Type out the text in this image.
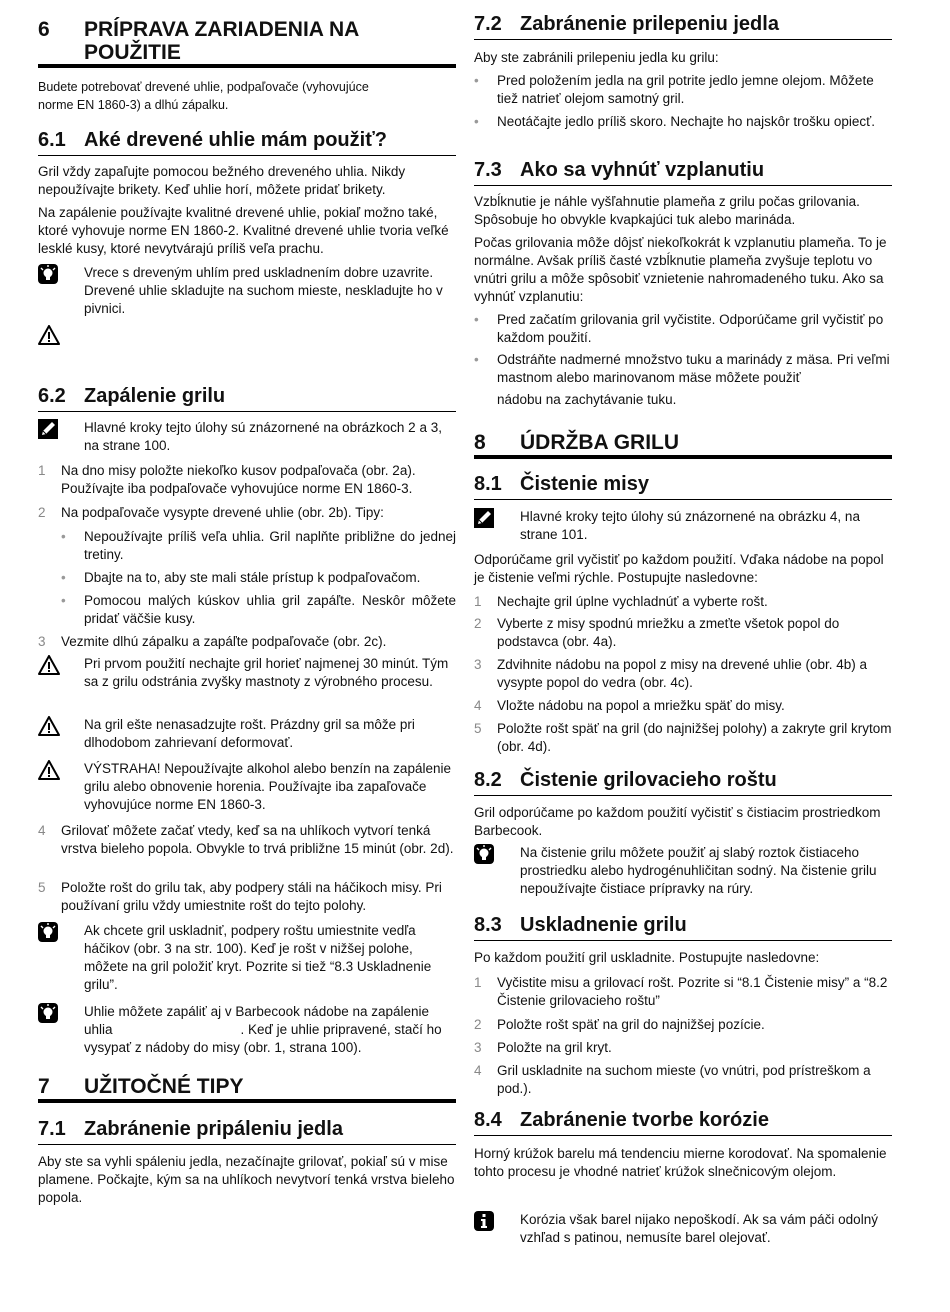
6 PRÍPRAVA ZARIADENIA NA
POUŽITIE
Budete potrebovať drevené uhlie, podpaľovače (vyhovujúce
norme EN 1860-3) a dlhú zápalku.
6.1 Aké drevené uhlie mám použiť?
Gril vždy zapaľujte pomocou bežného dreveného uhlia. Nikdy nepoužívajte brikety. Keď uhlie horí, môžete pridať brikety.
Na zapálenie používajte kvalitné drevené uhlie, pokiaľ možno také, ktoré vyhovuje norme EN 1860-2. Kvalitné drevené uhlie tvoria veľké lesklé kusy, ktoré nevytvárajú príliš veľa prachu.
Vrece s dreveným uhlím pred uskladnením dobre uzavrite. Drevené uhlie skladujte na suchom mieste, neskladujte ho v pivnici.
6.2 Zapálenie grilu
Hlavné kroky tejto úlohy sú znázornené na obrázkoch 2 a 3, na strane 100.
1 Na dno misy položte niekoľko kusov podpaľovača (obr. 2a). Používajte iba podpaľovače vyhovujúce norme EN 1860-3.
2 Na podpaľovače vysypte drevené uhlie (obr. 2b). Tipy:
• Nepoužívajte príliš veľa uhlia. Gril naplňte približne do jednej tretiny.
• Dbajte na to, aby ste mali stále prístup k podpaľovačom.
• Pomocou malých kúskov uhlia gril zapáľte. Neskôr môžete pridať väčšie kusy.
3 Vezmite dlhú zápalku a zapáľte podpaľovače (obr. 2c).
Pri prvom použití nechajte gril horieť najmenej 30 minút. Tým sa z grilu odstránia zvyšky mastnoty z výrobného procesu.
Na gril ešte nenasadzujte rošt. Prázdny gril sa môže pri dlhodobom zahrievaní deformovať.
VÝSTRAHA! Nepoužívajte alkohol alebo benzín na zapálenie grilu alebo obnovenie horenia. Používajte iba zapaľovače vyhovujúce norme EN 1860-3.
4 Grilovať môžete začať vtedy, keď sa na uhlíkoch vytvorí tenká vrstva bieleho popola. Obvykle to trvá približne 15 minút (obr. 2d).
5 Položte rošt do grilu tak, aby podpery stáli na háčikoch misy. Pri používaní grilu vždy umiestnite rošt do tejto polohy.
Ak chcete gril uskladniť, podpery roštu umiestnite vedľa háčikov (obr. 3 na str. 100). Keď je rošt v nižšej polohe, môžete na gril položiť kryt. Pozrite si tiež “8.3 Uskladnenie grilu”.
Uhlie môžete zapáliť aj v Barbecook nádobe na zapálenie
uhlia	. Keď je uhlie pripravené, stačí ho
vysypať z nádoby do misy (obr. 1, strana 100).
7 UŽITOČNÉ TIPY
7.1 Zabránenie pripáleniu jedla
Aby ste sa vyhli spáleniu jedla, nezačínajte grilovať, pokiaľ sú v mise plamene. Počkajte, kým sa na uhlíkoch nevytvorí tenká vrstva bieleho popola.
7.2 Zabránenie prilepeniu jedla
Aby ste zabránili prilepeniu jedla ku grilu:
• Pred položením jedla na gril potrite jedlo jemne olejom. Môžete tiež natrieť olejom samotný gril.
• Neotáčajte jedlo príliš skoro. Nechajte ho najskôr trošku opiecť.
7.3 Ako sa vyhnúť vzplanutiu
Vzbĺknutie je náhle vyšľahnutie plameňa z grilu počas grilovania. Spôsobuje ho obvykle kvapkajúci tuk alebo marináda.
Počas grilovania môže dôjsť niekoľkokrát k vzplanutiu plameňa. To je normálne. Avšak príliš časté vzbĺknutie plameňa zvyšuje teplotu vo vnútri grilu a môže spôsobiť vznietenie nahromadeného tuku. Ako sa vyhnúť vzplanutiu:
• Pred začatím grilovania gril vyčistite. Odporúčame gril vyčistiť po každom použití.
• Odstráňte nadmerné množstvo tuku a marinády z mäsa. Pri veľmi mastnom alebo marinovanom mäse môžete použiť
nádobu na zachytávanie tuku.
8 ÚDRŽBA GRILU
8.1 Čistenie misy
Hlavné kroky tejto úlohy sú znázornené na obrázku 4, na strane 101.
Odporúčame gril vyčistiť po každom použití. Vďaka nádobe na popol je čistenie veľmi rýchle. Postupujte nasledovne:
1 Nechajte gril úplne vychladnúť a vyberte rošt.
2 Vyberte z misy spodnú mriežku a zmeťte všetok popol do podstavca (obr. 4a).
3 Zdvihnite nádobu na popol z misy na drevené uhlie (obr. 4b) a vysypte popol do vedra (obr. 4c).
4 Vložte nádobu na popol a mriežku späť do misy.
5 Položte rošt späť na gril (do najnižšej polohy) a zakryte gril krytom (obr. 4d).
8.2 Čistenie grilovacieho roštu
Gril odporúčame po každom použití vyčistiť s čistiacim prostriedkom Barbecook.
Na čistenie grilu môžete použiť aj slabý roztok čistiaceho prostriedku alebo hydrogénuhličitan sodný. Na čistenie grilu nepoužívajte čistiace prípravky na rúry.
8.3 Uskladnenie grilu
Po každom použití gril uskladnite. Postupujte nasledovne:
1 Vyčistite misu a grilovací rošt. Pozrite si “8.1 Čistenie misy” a “8.2 Čistenie grilovacieho roštu”
2 Položte rošt späť na gril do najnižšej pozície.
3 Položte na gril kryt.
4 Gril uskladnite na suchom mieste (vo vnútri, pod prístreškom a pod.).
8.4 Zabránenie tvorbe korózie
Horný krúžok barelu má tendenciu mierne korodovať. Na spomalenie tohto procesu je vhodné natrieť krúžok slnečnicovým olejom.
Korózia však barel nijako nepoškodí. Ak sa vám páči odolný vzhľad s patinou, nemusíte barel olejovať.
